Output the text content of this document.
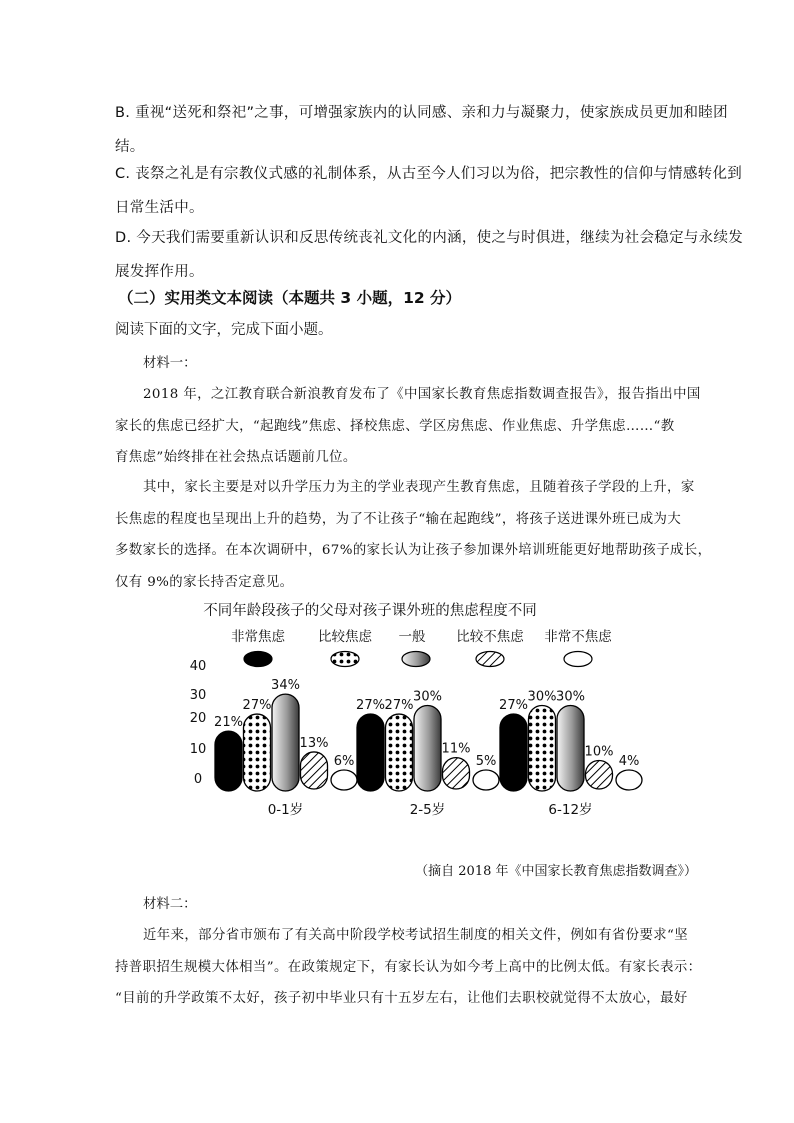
B. 重视“送死和祭祀”之事，可增强家族内的认同感、亲和力与凝聚力，使家族成员更加和睦团
结。
C. 丧祭之礼是有宗教仪式感的礼制体系，从古至今人们习以为俗，把宗教性的信仰与情感转化到
日常生活中。
D. 今天我们需要重新认识和反思传统丧礼文化的内涵，使之与时俱进，继续为社会稳定与永续发
展发挥作用。
（二）实用类文本阅读（本题共 3 小题，12 分）
阅读下面的文字，完成下面小题。
材料一：
2018 年，之江教育联合新浪教育发布了《中国家长教育焦虑指数调查报告》，报告指出中国
家长的焦虑已经扩大，“起跑线”焦虑、择校焦虑、学区房焦虑、作业焦虑、升学焦虑……“教
育焦虑”始终排在社会热点话题前几位。
其中，家长主要是对以升学压力为主的学业表现产生教育焦虑，且随着孩子学段的上升，家
长焦虑的程度也呈现出上升的趋势，为了不让孩子“输在起跑线”，将孩子送进课外班已成为大
多数家长的选择。在本次调研中，67%的家长认为让孩子参加课外培训班能更好地帮助孩子成长，
仅有 9%的家长持否定意见。
不同年龄段孩子的父母对孩子课外班的焦虑程度不同
非常焦虑 比较焦虑 一般 比较不焦虑 非常不焦虑
0
10
20
30
40
21%
27%
34%
13%
6%
0-1岁
27% 27%
30%
11%
5%
2-5岁
27%
30% 30%
10%
4%
6-12岁
（摘自 2018 年《中国家长教育焦虑指数调查》）
材料二：
近年来，部分省市颁布了有关高中阶段学校考试招生制度的相关文件，例如有省份要求“坚
持普职招生规模大体相当”。在政策规定下，有家长认为如今考上高中的比例太低。有家长表示：
“目前的升学政策不太好，孩子初中毕业只有十五岁左右，让他们去职校就觉得不太放心，最好
